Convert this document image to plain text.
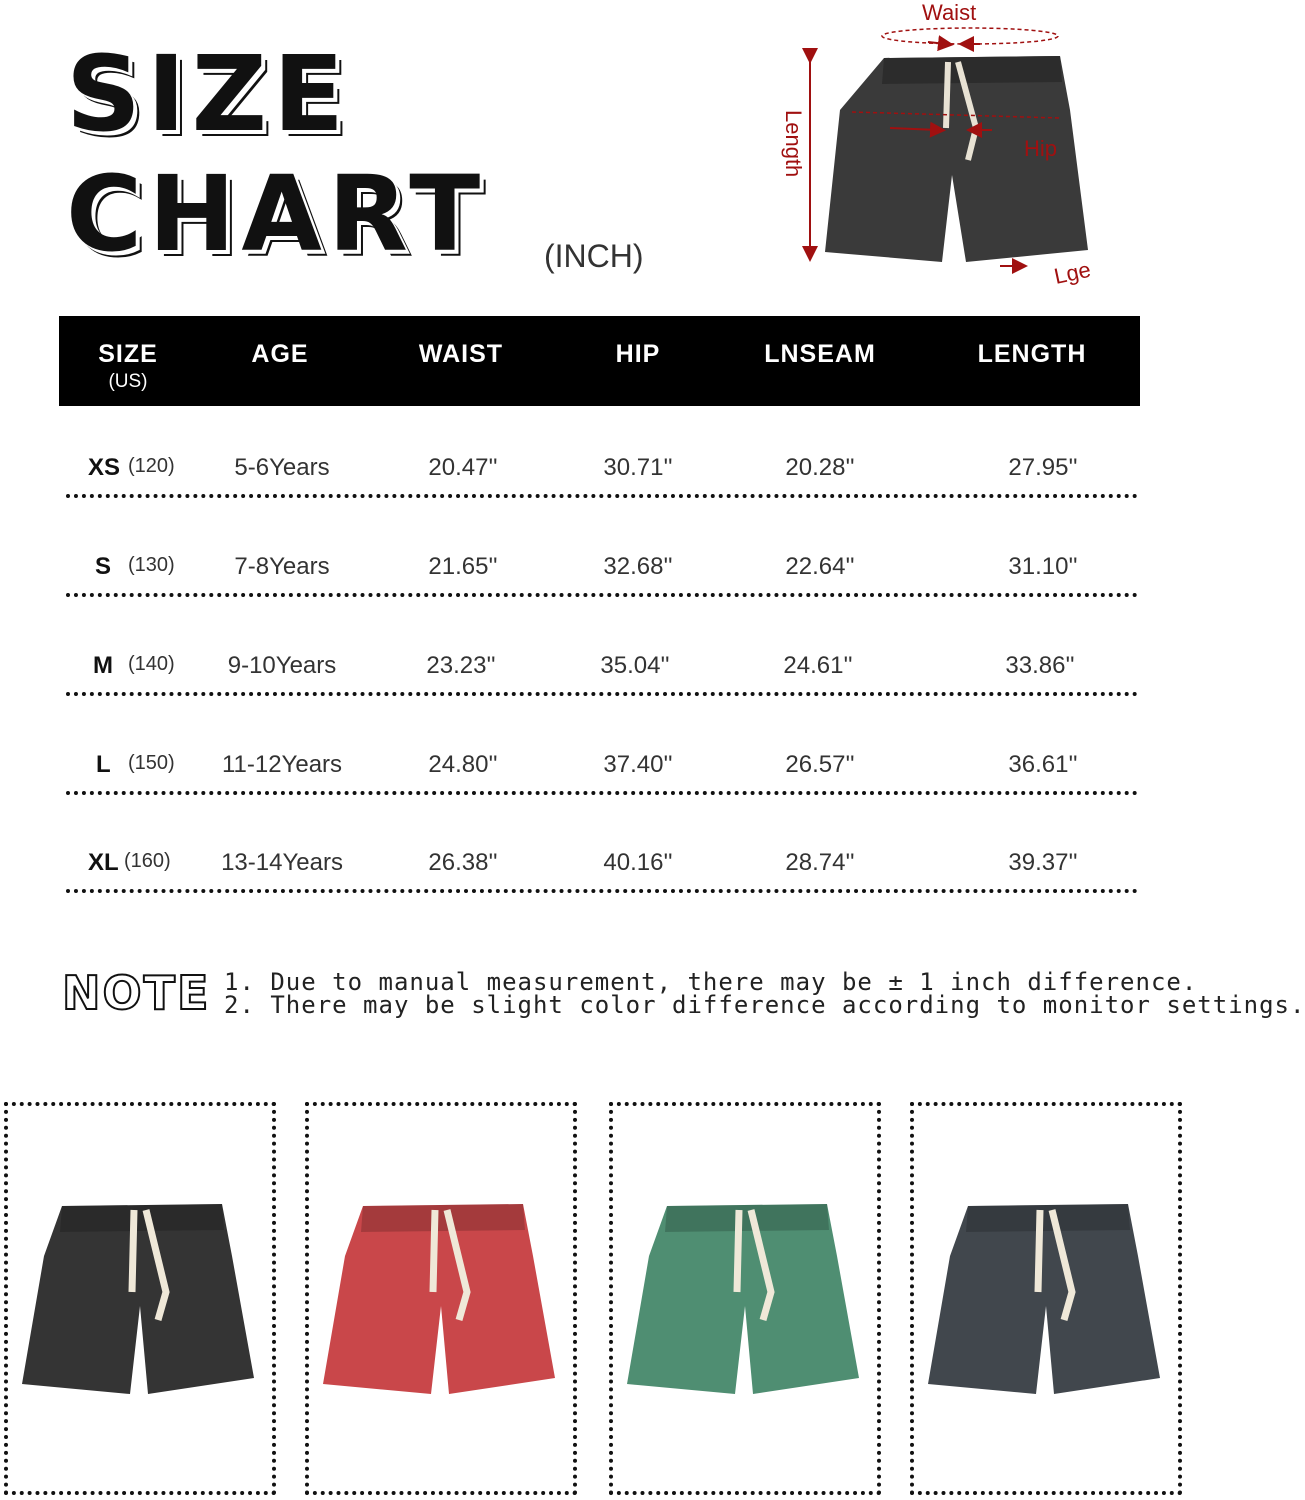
SIZE
CHART (INCH)
Waist
Length	Hip
Lge
SIZE
(US)
AGE	WAIST	HIP	LNSEAM	LENGTH
XS (120) 5-6Years	20.47''	30.71''	20.28''	27.95''
S (130) 7-8Years	21.65''	32.68''	22.64''	31.10''
M (140) 9-10Years	23.23''	35.04''	24.61''	33.86''
L (150) 11-12Years	24.80''	37.40''	26.57''	36.61''
XL (160) 13-14Years	26.38''	40.16''	28.74''	39.37''
NOTE 1. Due to manual measurement, there may be ± 1 inch difference.
2. There may be slight color difference according to monitor settings.
